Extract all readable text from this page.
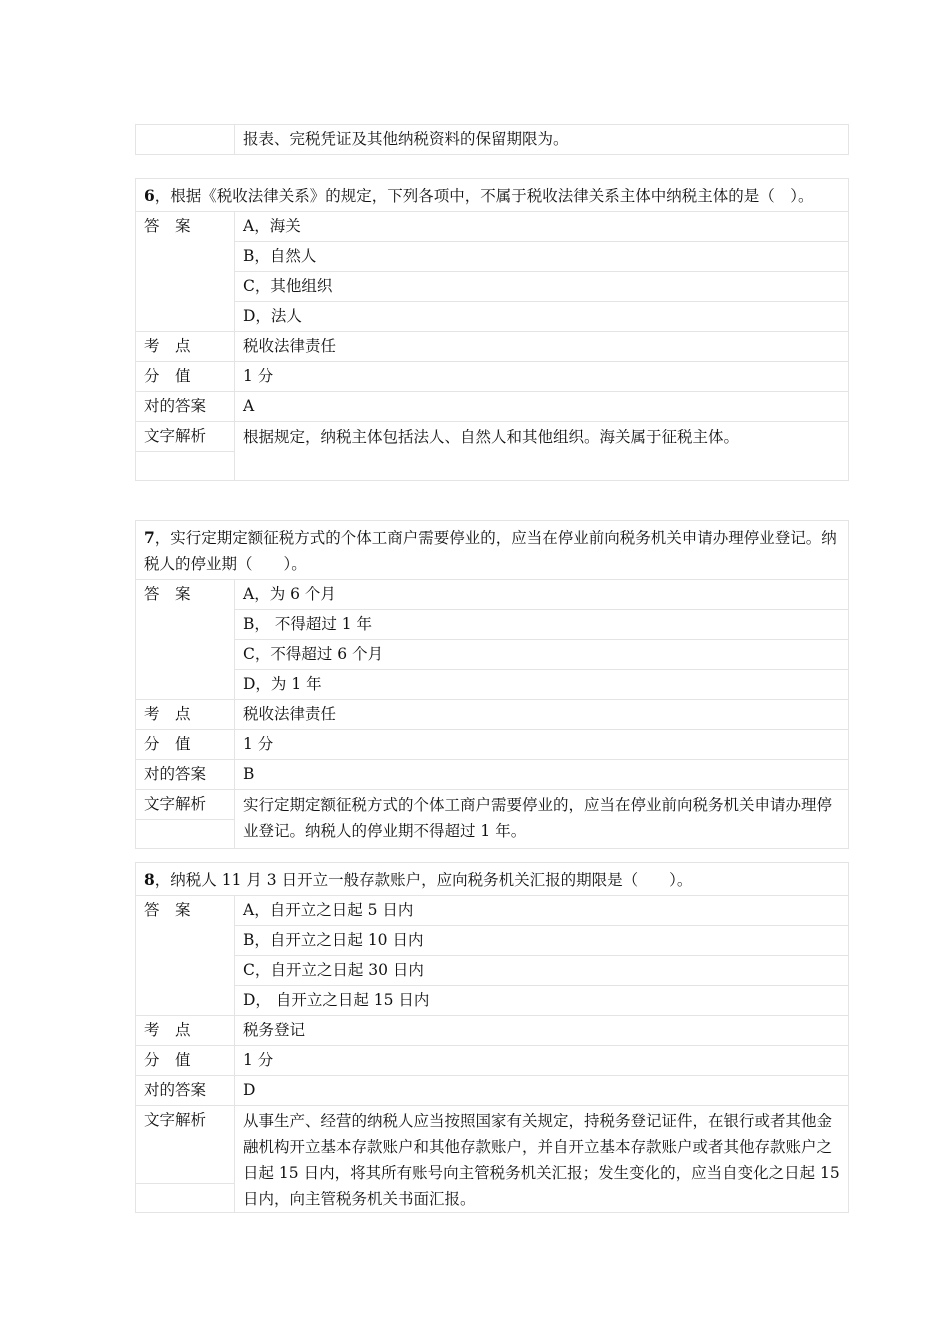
	报表、完税凭证及其他纳税资料的保留期限为。
6，根据《税收法律关系》的规定，下列各项中，不属于税收法律关系主体中纳税主体的是（　）。	
答　案	A，海关
	B，自然人
	C，其他组织
	D，法人
考　点	税收法律责任
分　值	1 分
对的答案	A
文字解析	根据规定，纳税主体包括法人、自然人和其他组织。海关属于征税主体。

7，实行定期定额征税方式的个体工商户需要停业的，应当在停业前向税务机关申请办理停业登记。纳税人的停业期（　　）。	
答　案	A，为 6 个月
	B， 不得超过 1 年
	C，不得超过 6 个月
	D，为 1 年
考　点	税收法律责任
分　值	1 分
对的答案	B
文字解析	实行定期定额征税方式的个体工商户需要停业的，应当在停业前向税务机关申请办理停业登记。纳税人的停业期不得超过 1 年。

8，纳税人 11 月 3 日开立一般存款账户，应向税务机关汇报的期限是（　　）。	
答　案	A，自开立之日起 5 日内
	B，自开立之日起 10 日内
	C，自开立之日起 30 日内
	D， 自开立之日起 15 日内
考　点	税务登记
分　值	1 分
对的答案	D
文字解析	从事生产、经营的纳税人应当按照国家有关规定，持税务登记证件，在银行或者其他金融机构开立基本存款账户和其他存款账户，并自开立基本存款账户或者其他存款账户之日起 15 日内，将其所有账号向主管税务机关汇报；发生变化的，应当自变化之日起 15 日内，向主管税务机关书面汇报。
